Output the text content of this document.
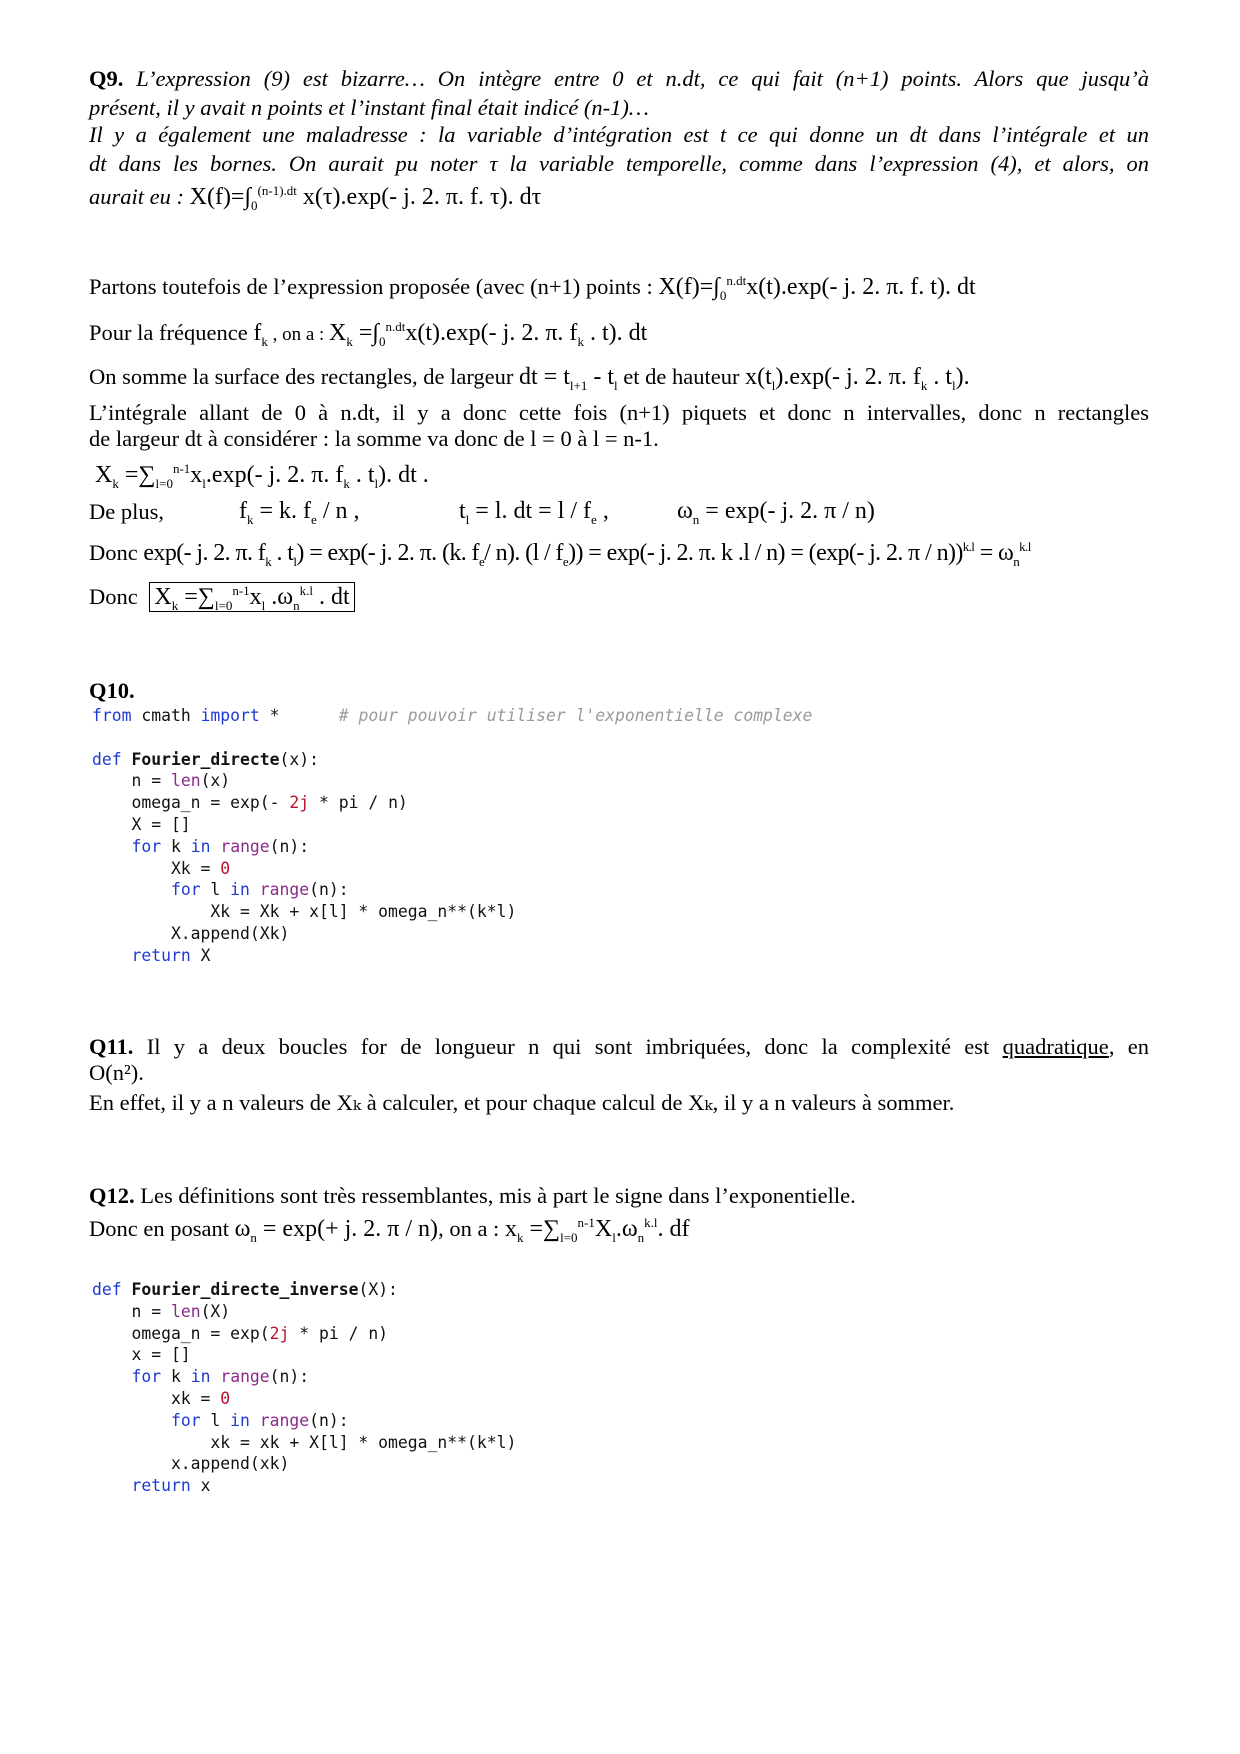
Q9. L’expression (9) est bizarre… On intègre entre 0 et n.dt, ce qui fait (n+1) points. Alors que jusqu’à
présent, il y avait n points et l’instant final était indicé (n-1)…
Il y a également une maladresse : la variable d’intégration est t ce qui donne un dt dans l’intégrale et un
dt dans les bornes. On aurait pu noter τ la variable temporelle, comme dans l’expression (4), et alors, on
aurait eu : $X(f)=\int_0^{(n-1).dt}$ x(τ).exp(- j. 2. π. f. τ). dτ
Partons toutefois de l’expression proposée (avec (n+1) points : $X(f)=\int_0^{n.dt}x(t).\exp(-$ j. 2. π. f. t). dt
Pour la fréquence $f_k$ , on a : $X_k =\int_0^{n.dt}x(t).\exp(-$ j. 2. π. $f_k$ . t). dt
On somme la surface des rectangles, de largeur dt = $t_{l+1} - t_l$ et de hauteur $x(t_l).\exp(-$ j. 2. π. $f_k$ . $t_l$).
L’intégrale allant de 0 à n.dt, il y a donc cette fois (n+1) piquets et donc n intervalles, donc n rectangles
de largeur dt à considérer : la somme va donc de l = 0 à l = n-1.
$X_k =\sum_{l=0}^{n-1}x_l.\exp(-$ j. 2. π. $f_k$ . $t_l$). dt .
De plus,	$f_k = k$. $f_e$ / n ,	$t_l = l$. dt = l / $f_e$ ,	$\omega_n = \exp(-$ j. 2. π / n)
Donc exp(- j. 2. π. $f_k$ . $t_l) = \exp(-$ j. 2. π. (k. $f_e/$ n). $(l / f_e)) = \exp(-$ j. 2. π. k .l / n) = (exp(- j. 2. $\pi / n))^{k.l} = \omega_n^{k.l}$
Donc $X_k =\sum_{l=0}^{n-1}x_l$ $.\omega_n^{k.l}$ . dt
Q10.
from cmath import *      # pour pouvoir utiliser l'exponentielle complexe

def Fourier_directe(x):
n = len(x)
omega_n = exp(- 2j * pi / n)
X = []
for k in range(n):
Xk = 0
for l in range(n):
Xk = Xk + x[l] * omega_n**(k*l)
X.append(Xk)
return X
Q11. Il y a deux boucles for de longueur n qui sont imbriquées, donc la complexité est quadratique, en
O(n²).
En effet, il y a n valeurs de Xₖ à calculer, et pour chaque calcul de Xₖ, il y a n valeurs à sommer.
Q12. Les définitions sont très ressemblantes, mis à part le signe dans l’exponentielle.
Donc en posant $\omega_n = \exp(+ j$. 2. π / n), on a : $x_k =\sum_{l=0}^{n-1}X_l.\omega_n^{k.l}$. df
def Fourier_directe_inverse(X):
n = len(X)
omega_n = exp(2j * pi / n)
x = []
for k in range(n):
xk = 0
for l in range(n):
xk = xk + X[l] * omega_n**(k*l)
x.append(xk)
return x
